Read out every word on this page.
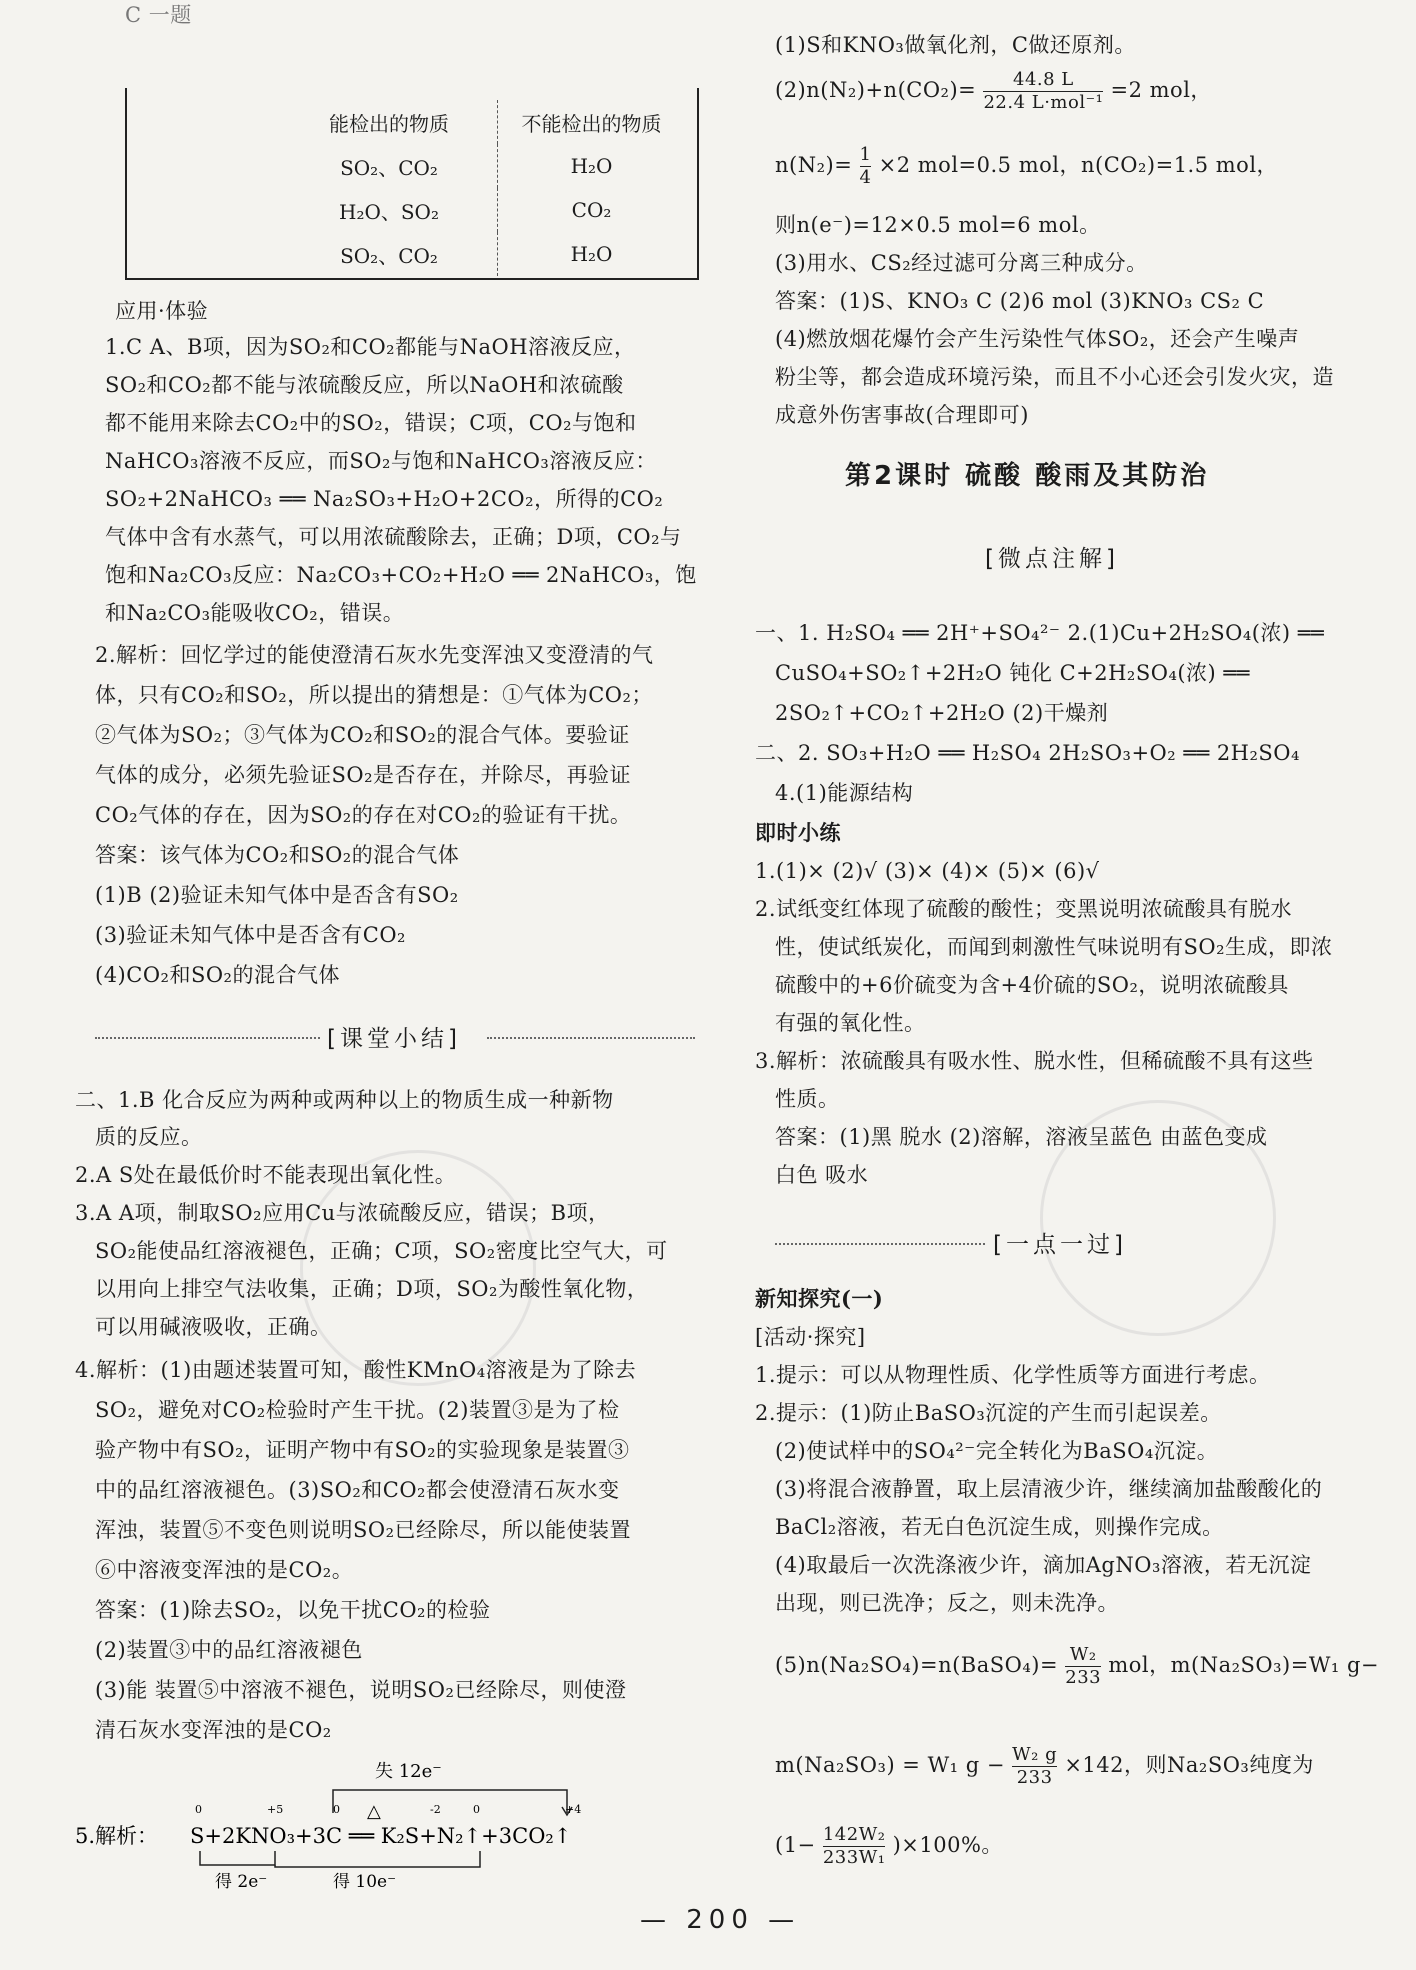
C 一题
	能检出的物质	不能检出的物质
	SO₂、CO₂	H₂O
	H₂O、SO₂	CO₂
	SO₂、CO₂	H₂O
应用·体验
1.C A、B项，因为SO₂和CO₂都能与NaOH溶液反应，
SO₂和CO₂都不能与浓硫酸反应，所以NaOH和浓硫酸
都不能用来除去CO₂中的SO₂，错误；C项，CO₂与饱和
NaHCO₃溶液不反应，而SO₂与饱和NaHCO₃溶液反应：
SO₂+2NaHCO₃ ══ Na₂SO₃+H₂O+2CO₂，所得的CO₂
气体中含有水蒸气，可以用浓硫酸除去，正确；D项，CO₂与
饱和Na₂CO₃反应：Na₂CO₃+CO₂+H₂O ══ 2NaHCO₃，饱
和Na₂CO₃能吸收CO₂，错误。
2.解析：回忆学过的能使澄清石灰水先变浑浊又变澄清的气
体，只有CO₂和SO₂，所以提出的猜想是：①气体为CO₂；
②气体为SO₂；③气体为CO₂和SO₂的混合气体。要验证
气体的成分，必须先验证SO₂是否存在，并除尽，再验证
CO₂气体的存在，因为SO₂的存在对CO₂的验证有干扰。
答案：该气体为CO₂和SO₂的混合气体
(1)B (2)验证未知气体中是否含有SO₂
(3)验证未知气体中是否含有CO₂
(4)CO₂和SO₂的混合气体
[课堂小结]
二、1.B 化合反应为两种或两种以上的物质生成一种新物
质的反应。
2.A S处在最低价时不能表现出氧化性。
3.A A项，制取SO₂应用Cu与浓硫酸反应，错误；B项，
SO₂能使品红溶液褪色，正确；C项，SO₂密度比空气大，可
以用向上排空气法收集，正确；D项，SO₂为酸性氧化物，
可以用碱液吸收，正确。
4.解析：(1)由题述装置可知，酸性KMnO₄溶液是为了除去
SO₂，避免对CO₂检验时产生干扰。(2)装置③是为了检
验产物中有SO₂，证明产物中有SO₂的实验现象是装置③
中的品红溶液褪色。(3)SO₂和CO₂都会使澄清石灰水变
浑浊，装置⑤不变色则说明SO₂已经除尽，所以能使装置
⑥中溶液变浑浊的是CO₂。
答案：(1)除去SO₂，以免干扰CO₂的检验
(2)装置③中的品红溶液褪色
(3)能 装置⑤中溶液不褪色，说明SO₂已经除尽，则使澄
清石灰水变浑浊的是CO₂
失 12e⁻
0	+5	0	-2	0	+4
△
5.解析： S+2KNO₃+3C ══ K₂S+N₂↑+3CO₂↑
得 2e⁻	得 10e⁻
(1)S和KNO₃做氧化剂，C做还原剂。
$(2)n(N_2)+n(CO_2)= \frac{44.8 L}{\text{22.4 L·mol⁻¹}} =2$ mol，
$n(N_2)= \frac{1}{4} \times 2$ mol=0.5 mol，n(CO₂)=1.5 mol，
则n(e⁻)=12×0.5 mol=6 mol。
(3)用水、CS₂经过滤可分离三种成分。
答案：(1)S、KNO₃ C (2)6 mol (3)KNO₃ CS₂ C
(4)燃放烟花爆竹会产生污染性气体SO₂，还会产生噪声
粉尘等，都会造成环境污染，而且不小心还会引发火灾，造
成意外伤害事故(合理即可)
第2课时 硫酸 酸雨及其防治
[微点注解]
一、1. H₂SO₄ ══ 2H⁺+SO₄²⁻ 2.(1)Cu+2H₂SO₄(浓) ══
CuSO₄+SO₂↑+2H₂O 钝化 C+2H₂SO₄(浓) ══
2SO₂↑+CO₂↑+2H₂O (2)干燥剂
二、2. SO₃+H₂O ══ H₂SO₄ 2H₂SO₃+O₂ ══ 2H₂SO₄
4.(1)能源结构
即时小练
1.(1)× (2)√ (3)× (4)× (5)× (6)√
2.试纸变红体现了硫酸的酸性；变黑说明浓硫酸具有脱水
性，使试纸炭化，而闻到刺激性气味说明有SO₂生成，即浓
硫酸中的+6价硫变为含+4价硫的SO₂，说明浓硫酸具
有强的氧化性。
3.解析：浓硫酸具有吸水性、脱水性，但稀硫酸不具有这些
性质。
答案：(1)黑 脱水 (2)溶解，溶液呈蓝色 由蓝色变成
白色 吸水
[一点一过]
新知探究(一)
[活动·探究]
1.提示：可以从物理性质、化学性质等方面进行考虑。
2.提示：(1)防止BaSO₃沉淀的产生而引起误差。
(2)使试样中的SO₄²⁻完全转化为BaSO₄沉淀。
(3)将混合液静置，取上层清液少许，继续滴加盐酸酸化的
BaCl₂溶液，若无白色沉淀生成，则操作完成。
(4)取最后一次洗涤液少许，滴加AgNO₃溶液，若无沉淀
出现，则已洗净；反之，则未洗净。
(5)n(Na₂SO₄)=n(BaSO₄)= $\frac{\text{W₂}}{233}$ mol，m(Na₂SO₃)=W₁ g−
m(Na₂SO₃) = W₁ $g - \frac{\text{W₂ g}}{233} \times 142$，则Na₂SO₃纯度为
$(1- \frac{\text{142W₂}}{\text{233W₁}} )\times 100\%$。
— 200 —
